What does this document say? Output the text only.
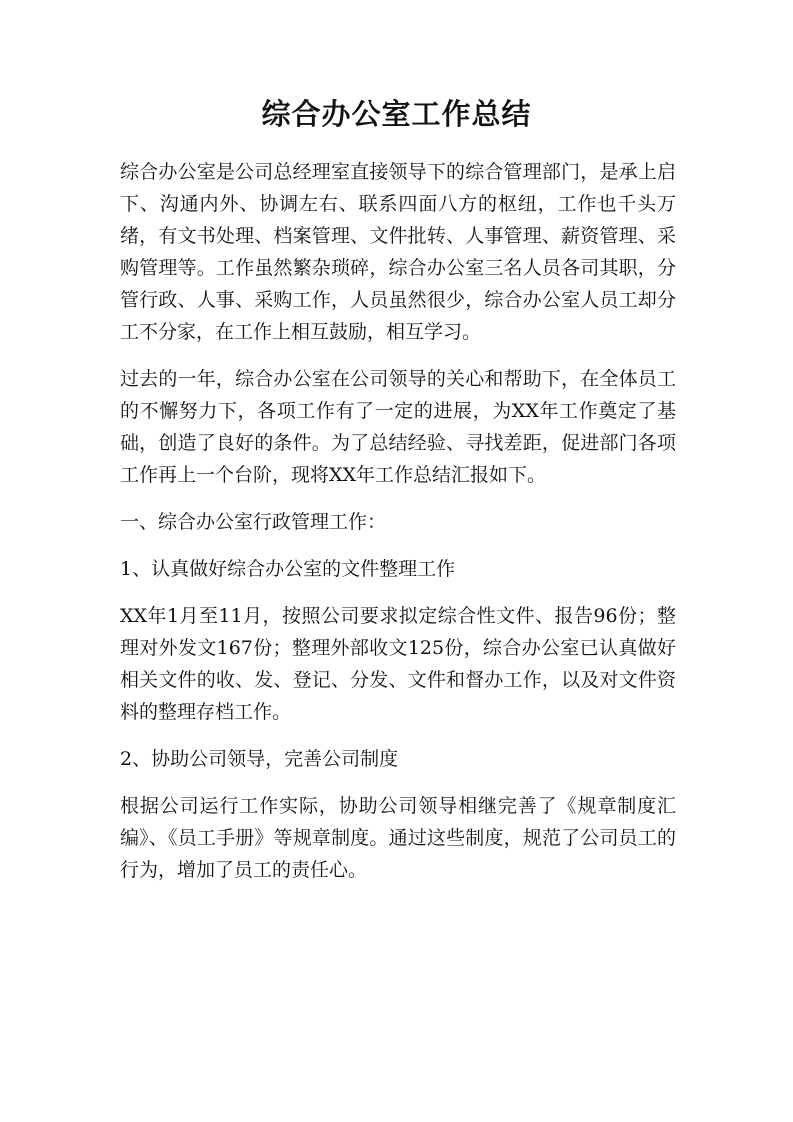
综合办公室工作总结

综合办公室是公司总经理室直接领导下的综合管理部门，是承上启下、沟通内外、协调左右、联系四面八方的枢纽，工作也千头万绪，有文书处理、档案管理、文件批转、人事管理、薪资管理、采购管理等。工作虽然繁杂琐碎，综合办公室三名人员各司其职，分管行政、人事、采购工作，人员虽然很少，综合办公室人员工却分工不分家，在工作上相互鼓励，相互学习。

过去的一年，综合办公室在公司领导的关心和帮助下，在全体员工的不懈努力下，各项工作有了一定的进展，为XX年工作奠定了基础，创造了良好的条件。为了总结经验、寻找差距，促进部门各项工作再上一个台阶，现将XX年工作总结汇报如下。

一、综合办公室行政管理工作：

1、认真做好综合办公室的文件整理工作

XX年1月至11月，按照公司要求拟定综合性文件、报告96份；整理对外发文167份；整理外部收文125份，综合办公室已认真做好相关文件的收、发、登记、分发、文件和督办工作，以及对文件资料的整理存档工作。

2、协助公司领导，完善公司制度

根据公司运行工作实际，协助公司领导相继完善了《规章制度汇编》、《员工手册》等规章制度。通过这些制度，规范了公司员工的行为，增加了员工的责任心。
